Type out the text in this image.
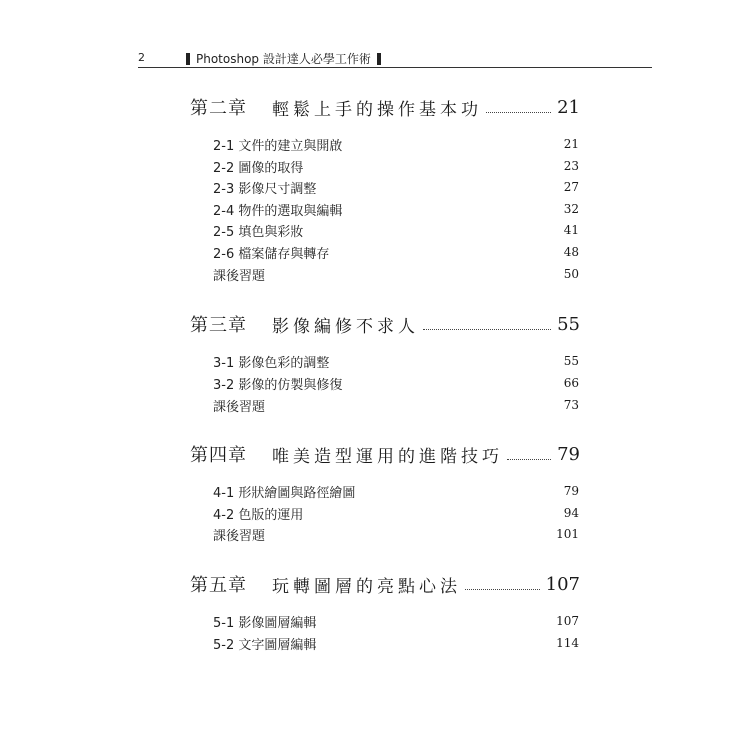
2	Photoshop 設計達人必學工作術
第二章	輕鬆上手的操作基本功	21
2-1 文件的建立與開啟	21
2-2 圖像的取得	23
2-3 影像尺寸調整	27
2-4 物件的選取與編輯	32
2-5 填色與彩妝	41
2-6 檔案儲存與轉存	48
課後習題	50
第三章	影像編修不求人	55
3-1 影像色彩的調整	55
3-2 影像的仿製與修復	66
課後習題	73
第四章	唯美造型運用的進階技巧	79
4-1 形狀繪圖與路徑繪圖	79
4-2 色版的運用	94
課後習題	101
第五章	玩轉圖層的亮點心法	107
5-1 影像圖層編輯	107
5-2 文字圖層編輯	114
